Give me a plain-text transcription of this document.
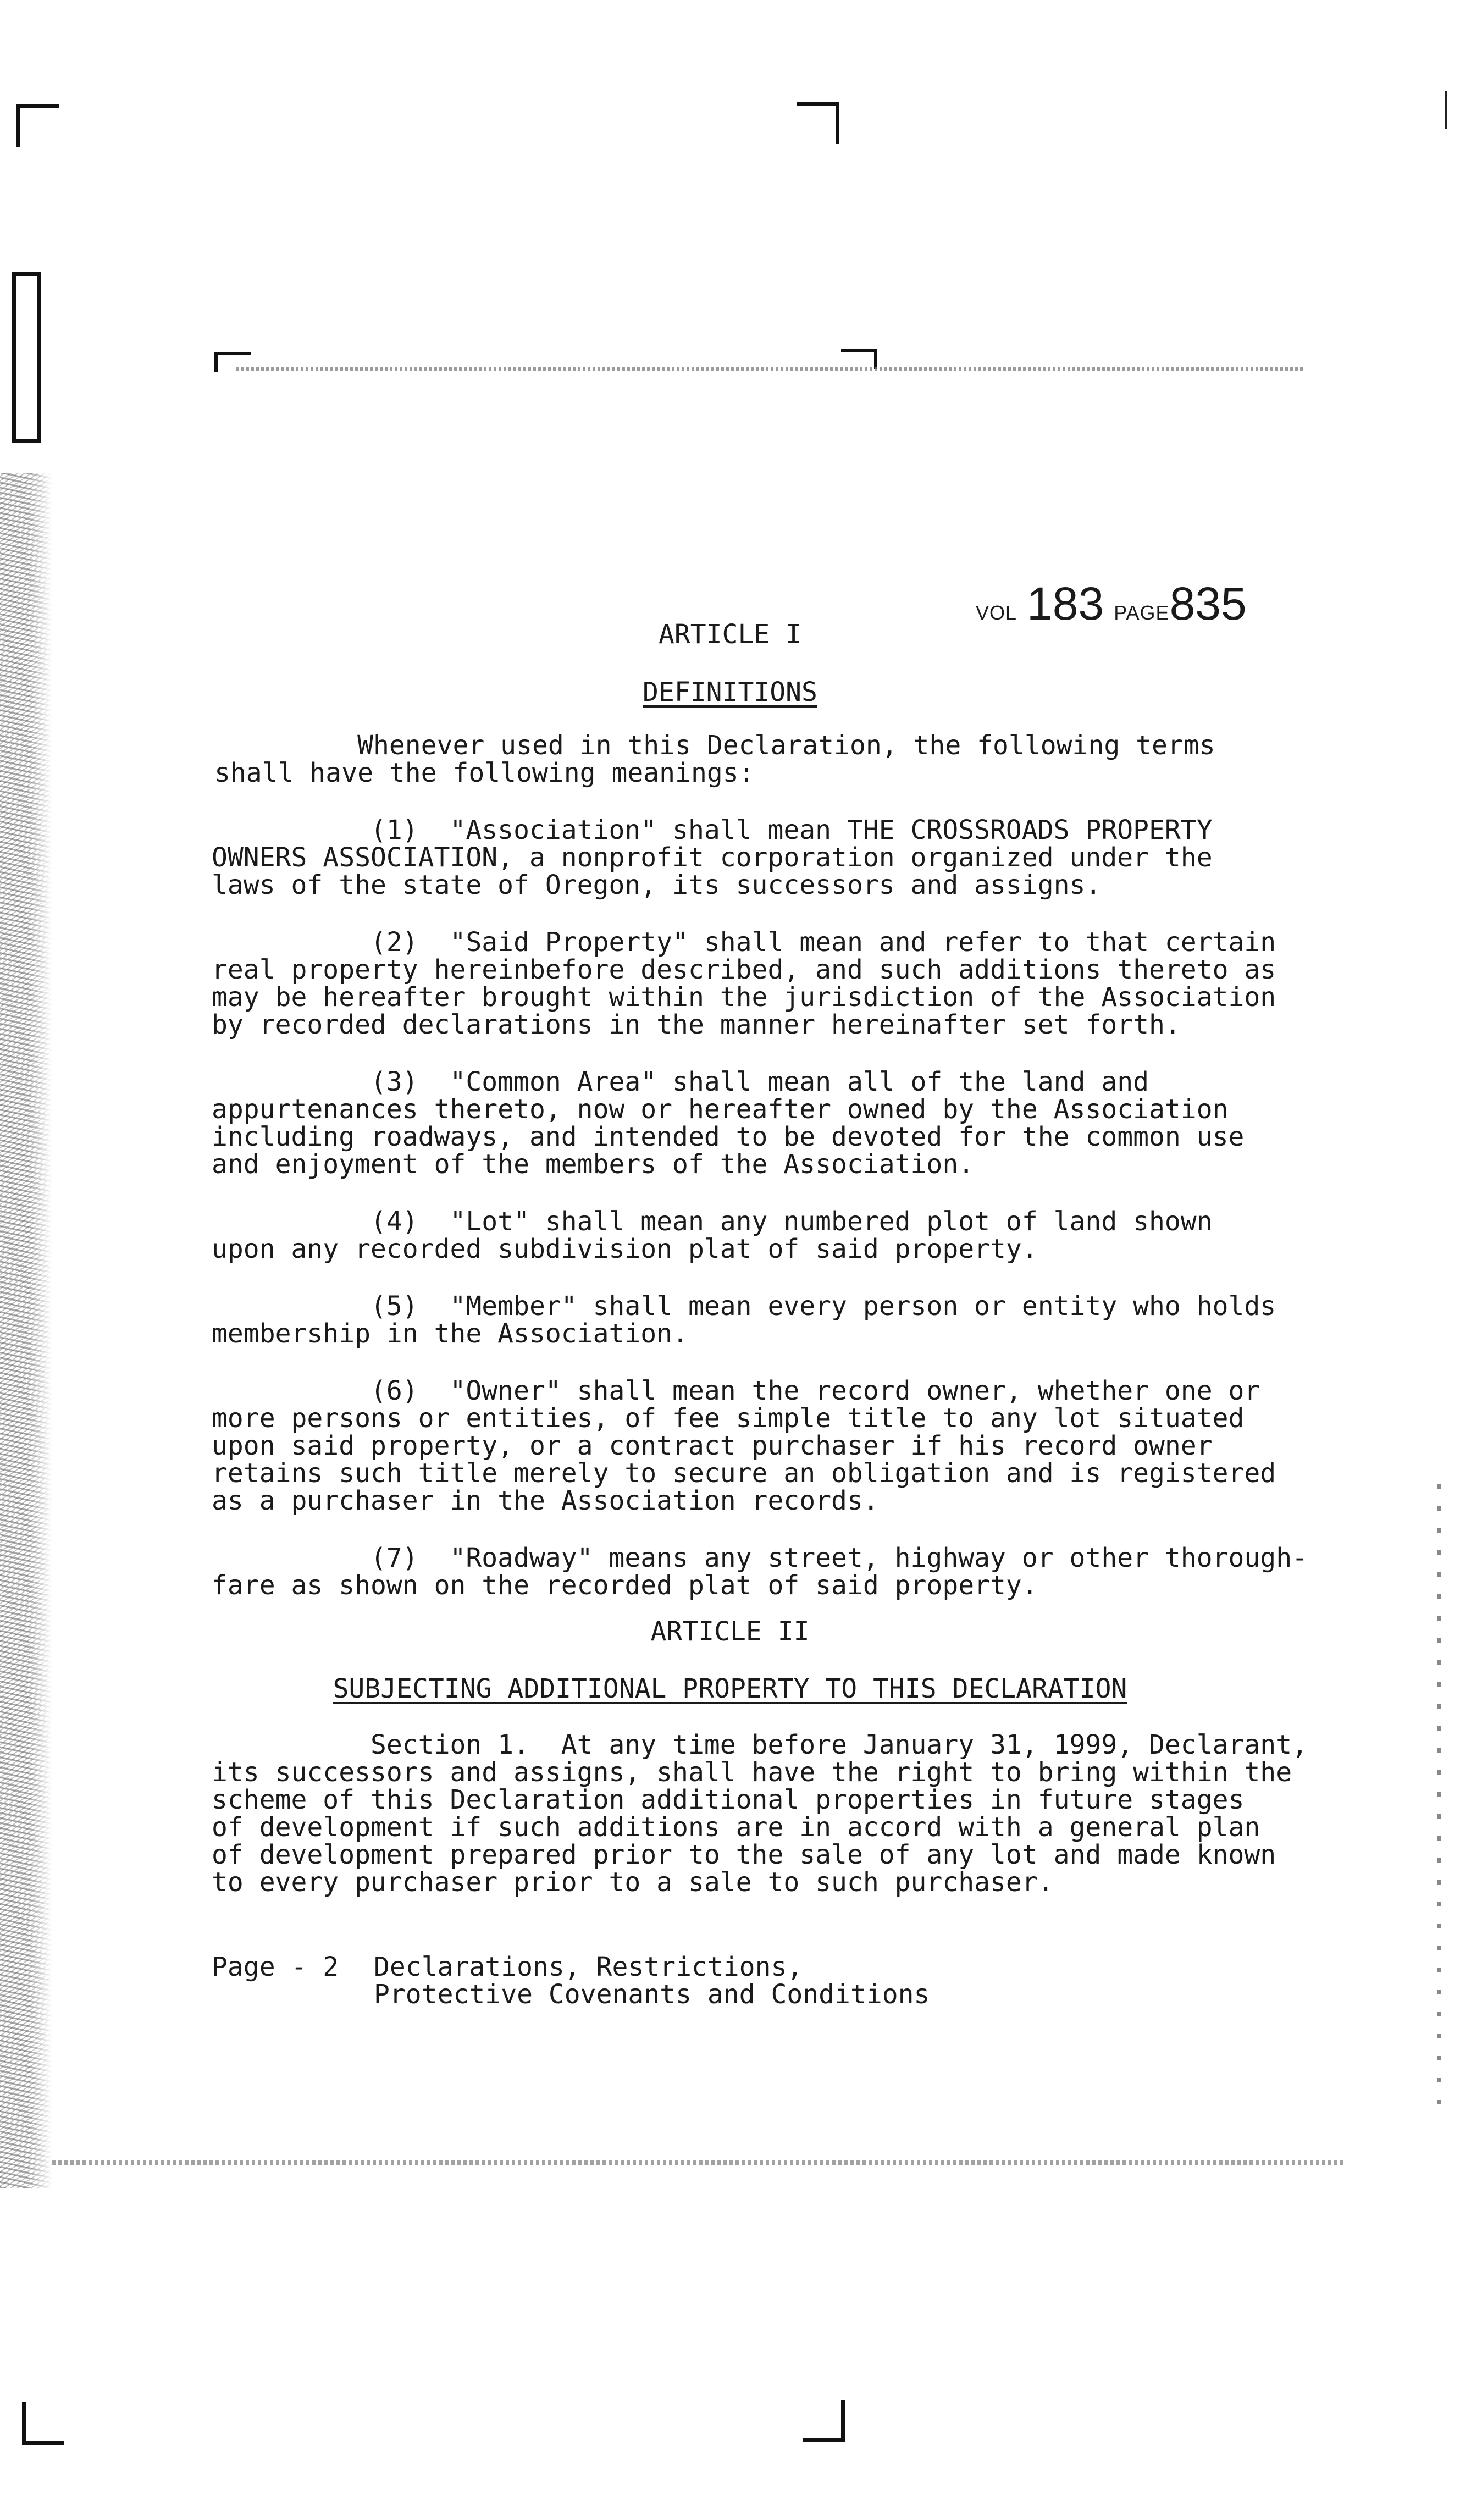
VOL 183 PAGE835
ARTICLE I
DEFINITIONS
Whenever used in this Declaration, the following terms
shall have the following meanings:
(1)  "Association" shall mean THE CROSSROADS PROPERTY
OWNERS ASSOCIATION, a nonprofit corporation organized under the
laws of the state of Oregon, its successors and assigns.
(2)  "Said Property" shall mean and refer to that certain
real property hereinbefore described, and such additions thereto as
may be hereafter brought within the jurisdiction of the Association
by recorded declarations in the manner hereinafter set forth.
(3)  "Common Area" shall mean all of the land and
appurtenances thereto, now or hereafter owned by the Association
including roadways, and intended to be devoted for the common use
and enjoyment of the members of the Association.
(4)  "Lot" shall mean any numbered plot of land shown
upon any recorded subdivision plat of said property.
(5)  "Member" shall mean every person or entity who holds
membership in the Association.
(6)  "Owner" shall mean the record owner, whether one or
more persons or entities, of fee simple title to any lot situated
upon said property, or a contract purchaser if his record owner
retains such title merely to secure an obligation and is registered
as a purchaser in the Association records.
(7)  "Roadway" means any street, highway or other thorough-
fare as shown on the recorded plat of said property.
ARTICLE II
SUBJECTING ADDITIONAL PROPERTY TO THIS DECLARATION
Section 1.  At any time before January 31, 1999, Declarant,
its successors and assigns, shall have the right to bring within the
scheme of this Declaration additional properties in future stages
of development if such additions are in accord with a general plan
of development prepared prior to the sale of any lot and made known
to every purchaser prior to a sale to such purchaser.
Page - 2 Declarations, Restrictions,
Protective Covenants and Conditions
